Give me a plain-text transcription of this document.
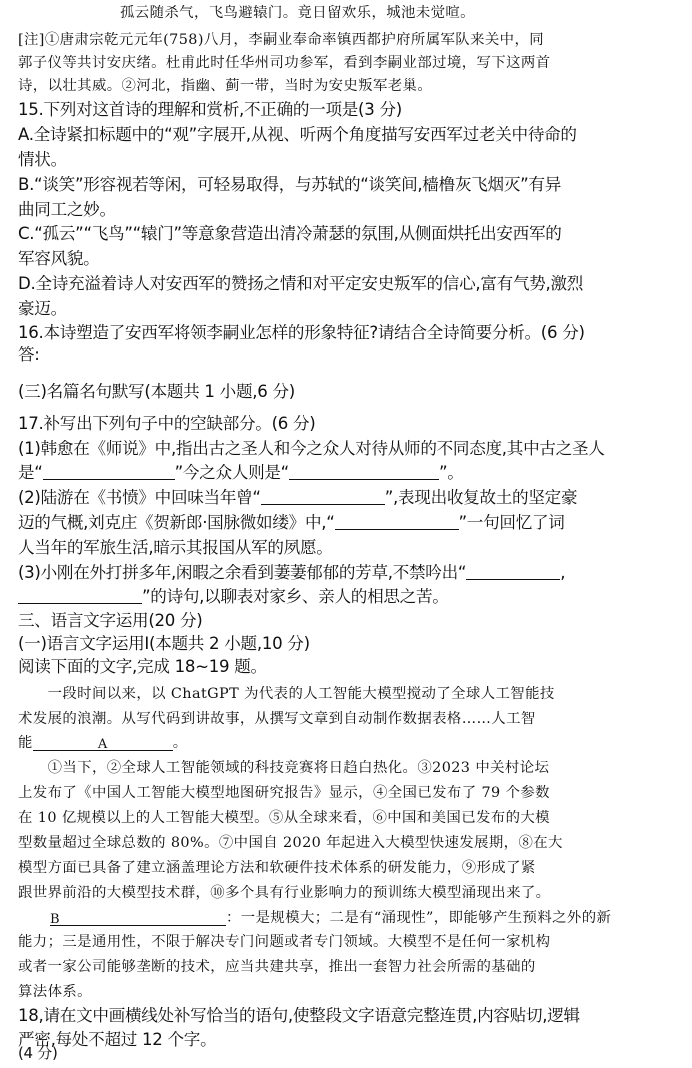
孤云随杀气，飞鸟避辕门。竟日留欢乐，城池未觉喧。
[注]①唐肃宗乾元元年(758)八月，李嗣业奉命率镇西都护府所属军队来关中，同
郭子仪等共讨安庆绪。杜甫此时任华州司功参军，看到李嗣业部过境，写下这两首
诗，以壮其威。②河北，指幽、蓟一带，当时为安史叛军老巢。
15.下列对这首诗的理解和赏析,不正确的一项是(3 分)
A.全诗紧扣标题中的“观”字展开,从视、听两个角度描写安西军过老关中待命的
情状。
B.“谈笑”形容视若等闲，可轻易取得，与苏轼的“谈笑间,樯橹灰飞烟灭”有异
曲同工之妙。
C.“孤云”“飞鸟”“辕门”等意象营造出清冷萧瑟的氛围,从侧面烘托出安西军的
军容风貌。
D.全诗充溢着诗人对安西军的赞扬之情和对平定安史叛军的信心,富有气势,激烈
豪迈。
16.本诗塑造了安西军将领李嗣业怎样的形象特征?请结合全诗简要分析。(6 分)
答:
(三)名篇名句默写(本题共 1 小题,6 分)
17.补写出下列句子中的空缺部分。(6 分)
(1)韩愈在《师说》中,指出古之圣人和今之众人对待从师的不同态度,其中古之圣人
是“	”今之众人则是“	”。
(2)陆游在《书愤》中回味当年曾“	”,表现出收复故土的坚定豪
迈的气概,刘克庄《贺新郎·国脉微如缕》中,“	”一句回忆了词
人当年的军旅生活,暗示其报国从军的夙愿。
(3)小刚在外打拼多年,闲暇之余看到萋萋郁郁的芳草,不禁吟出“	,
”的诗句,以聊表对家乡、亲人的相思之苦。
三、语言文字运用(20 分)
(一)语言文字运用Ⅰ(本题共 2 小题,10 分)
阅读下面的文字,完成 18~19 题。
　　一段时间以来，以 ChatGPT 为代表的人工智能大模型搅动了全球人工智能技
术发展的浪潮。从写代码到讲故事，从撰写文章到自动制作数据表格……人工智
能	A	。
　　①当下，②全球人工智能领域的科技竞赛将日趋白热化。③2023 中关村论坛
上发布了《中国人工智能大模型地图研究报告》显示，④全国已发布了 79 个参数
在 10 亿规模以上的人工智能大模型。⑤从全球来看，⑥中国和美国已发布的大模
型数量超过全球总数的 80%。⑦中国自 2020 年起进入大模型快速发展期，⑧在大
模型方面已具备了建立涵盖理论方法和软硬件技术体系的研发能力，⑨形成了紧
跟世界前沿的大模型技术群，⑩多个具有行业影响力的预训练大模型涌现出来了。
B	：一是规模大；二是有“涌现性”，即能够产生预料之外的新
能力；三是通用性，不限于解决专门问题或者专门领域。大模型不是任何一家机构
或者一家公司能够垄断的技术，应当共建共享，推出一套智力社会所需的基础的
算法体系。
18,请在文中画横线处补写恰当的语句,使整段文字语意完整连贯,内容贴切,逻辑
严密,每处不超过 12 个字。
(4 分)
